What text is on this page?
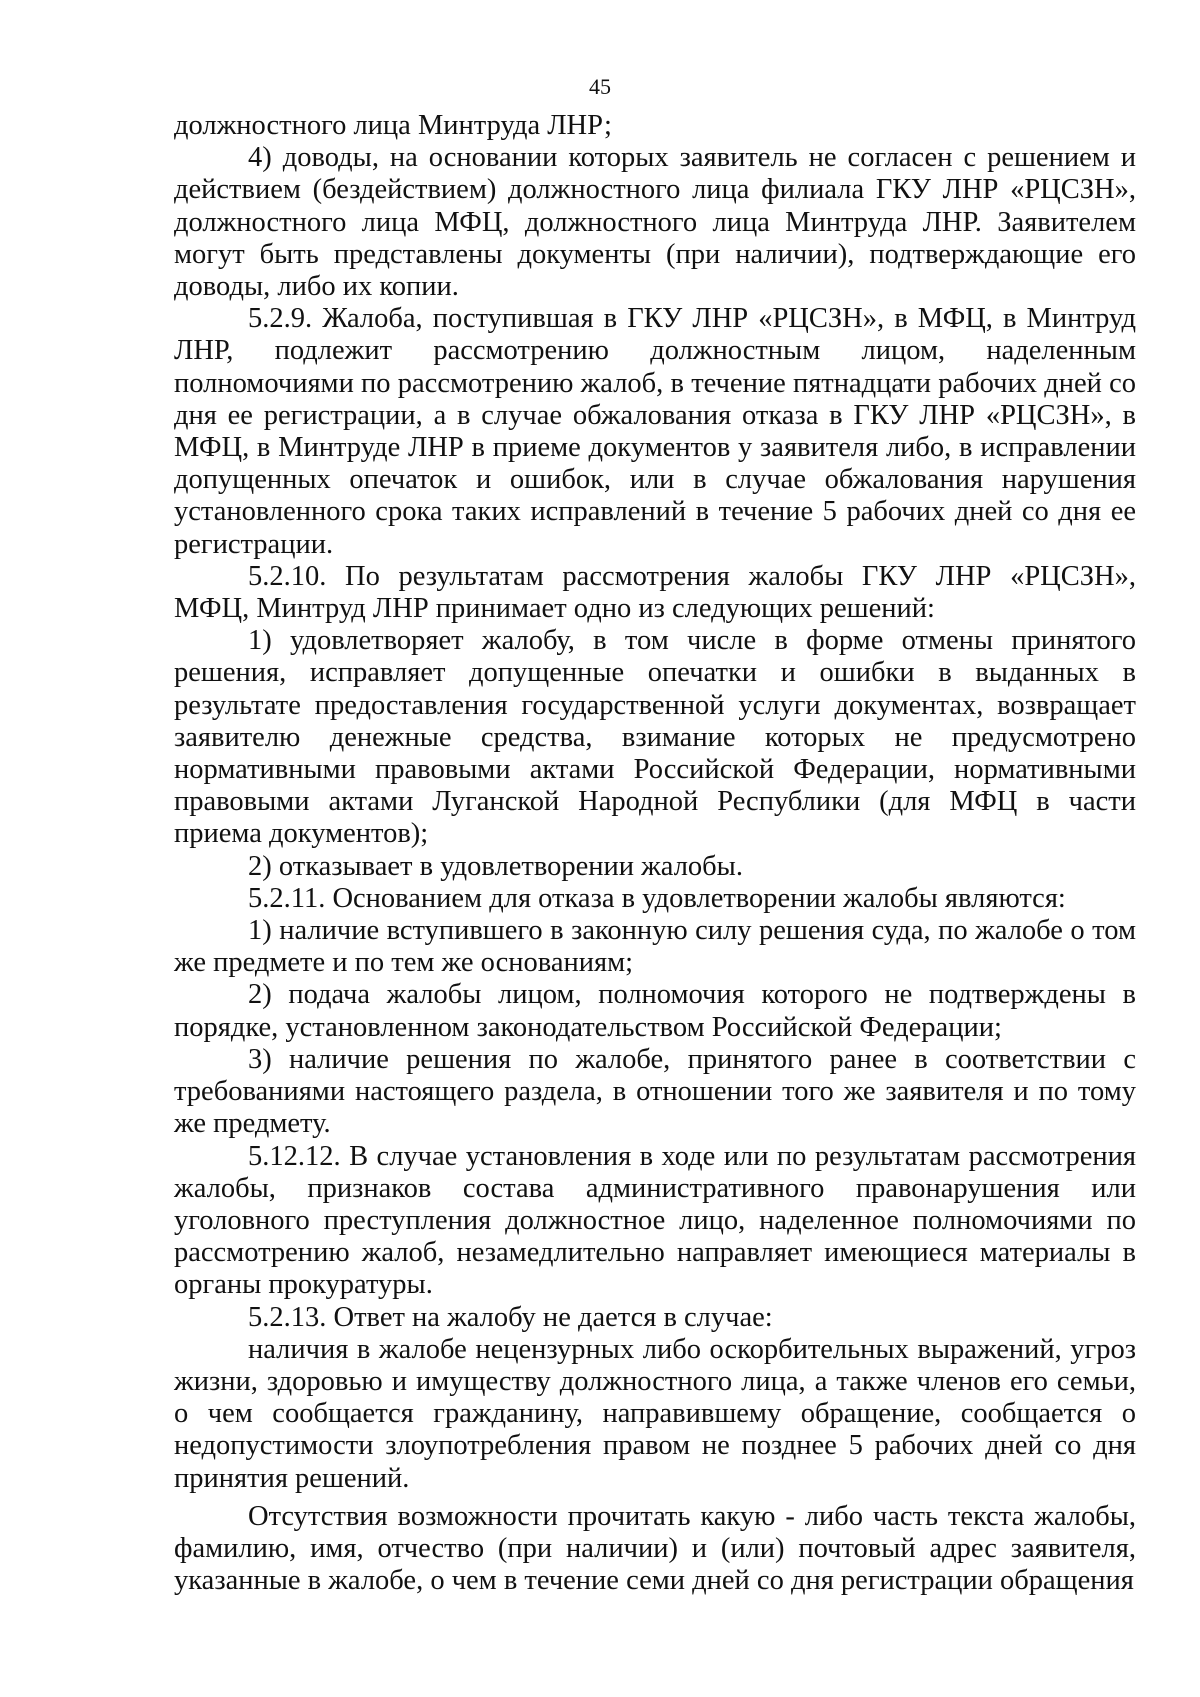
45

должностного лица Минтруда ЛНР;

4) доводы, на основании которых заявитель не согласен с решением и действием (бездействием) должностного лица филиала ГКУ ЛНР «РЦСЗН», должностного лица МФЦ, должностного лица Минтруда ЛНР. Заявителем могут быть представлены документы (при наличии), подтверждающие его доводы, либо их копии.

5.2.9. Жалоба, поступившая в ГКУ ЛНР «РЦСЗН», в МФЦ, в Минтруд ЛНР, подлежит рассмотрению должностным лицом, наделенным полномочиями по рассмотрению жалоб, в течение пятнадцати рабочих дней со дня ее регистрации, а в случае обжалования отказа в ГКУ ЛНР «РЦСЗН», в МФЦ, в Минтруде ЛНР в приеме документов у заявителя либо, в исправлении допущенных опечаток и ошибок, или в случае обжалования нарушения установленного срока таких исправлений в течение 5 рабочих дней со дня ее регистрации.

5.2.10. По результатам рассмотрения жалобы ГКУ ЛНР «РЦСЗН», МФЦ, Минтруд ЛНР принимает одно из следующих решений:

1) удовлетворяет жалобу, в том числе в форме отмены принятого решения, исправляет допущенные опечатки и ошибки в выданных в результате предоставления государственной услуги документах, возвращает заявителю денежные средства, взимание которых не предусмотрено нормативными правовыми актами Российской Федерации, нормативными правовыми актами Луганской Народной Республики (для МФЦ в части приема документов);

2) отказывает в удовлетворении жалобы.

5.2.11. Основанием для отказа в удовлетворении жалобы являются:

1) наличие вступившего в законную силу решения суда, по жалобе о том же предмете и по тем же основаниям;

2) подача жалобы лицом, полномочия которого не подтверждены в порядке, установленном законодательством Российской Федерации;

3) наличие решения по жалобе, принятого ранее в соответствии с требованиями настоящего раздела, в отношении того же заявителя и по тому же предмету.

5.12.12. В случае установления в ходе или по результатам рассмотрения жалобы, признаков состава административного правонарушения или уголовного преступления должностное лицо, наделенное полномочиями по рассмотрению жалоб, незамедлительно направляет имеющиеся материалы в органы прокуратуры.

5.2.13. Ответ на жалобу не дается в случае:

наличия в жалобе нецензурных либо оскорбительных выражений, угроз жизни, здоровью и имуществу должностного лица, а также членов его семьи, о чем сообщается гражданину, направившему обращение, сообщается о недопустимости злоупотребления правом не позднее 5 рабочих дней со дня принятия решений.

Отсутствия возможности прочитать какую - либо часть текста жалобы, фамилию, имя, отчество (при наличии) и (или) почтовый адрес заявителя, указанные в жалобе, о чем в течение семи дней со дня регистрации обращения
